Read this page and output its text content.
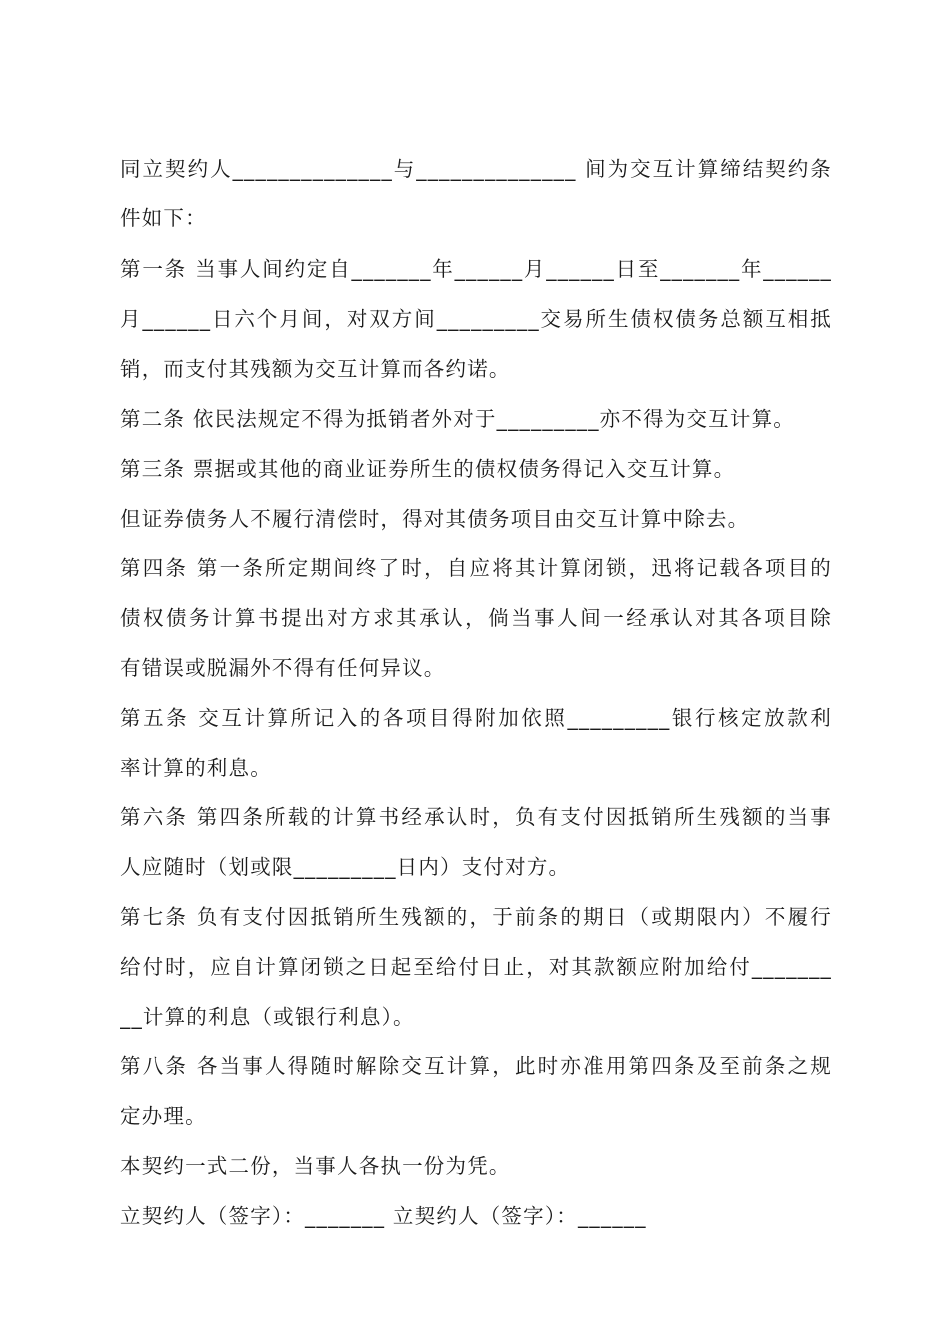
同立契约人______________与______________ 间为交互计算缔结契约条
件如下：
第一条 当事人间约定自_______年______月______日至_______年______
月______日六个月间，对双方间_________交易所生债权债务总额互相抵
销，而支付其残额为交互计算而各约诺。
第二条 依民法规定不得为抵销者外对于_________亦不得为交互计算。
第三条 票据或其他的商业证券所生的债权债务得记入交互计算。
但证券债务人不履行清偿时，得对其债务项目由交互计算中除去。
第四条 第一条所定期间终了时，自应将其计算闭锁，迅将记载各项目的
债权债务计算书提出对方求其承认，倘当事人间一经承认对其各项目除
有错误或脱漏外不得有任何异议。
第五条 交互计算所记入的各项目得附加依照_________银行核定放款利
率计算的利息。
第六条 第四条所载的计算书经承认时，负有支付因抵销所生残额的当事
人应随时（划或限_________日内）支付对方。
第七条 负有支付因抵销所生残额的，于前条的期日（或期限内）不履行
给付时，应自计算闭锁之日起至给付日止，对其款额应附加给付_______
__计算的利息（或银行利息）。
第八条 各当事人得随时解除交互计算，此时亦准用第四条及至前条之规
定办理。
本契约一式二份，当事人各执一份为凭。
立契约人（签字）：_______ 立契约人（签字）：______
